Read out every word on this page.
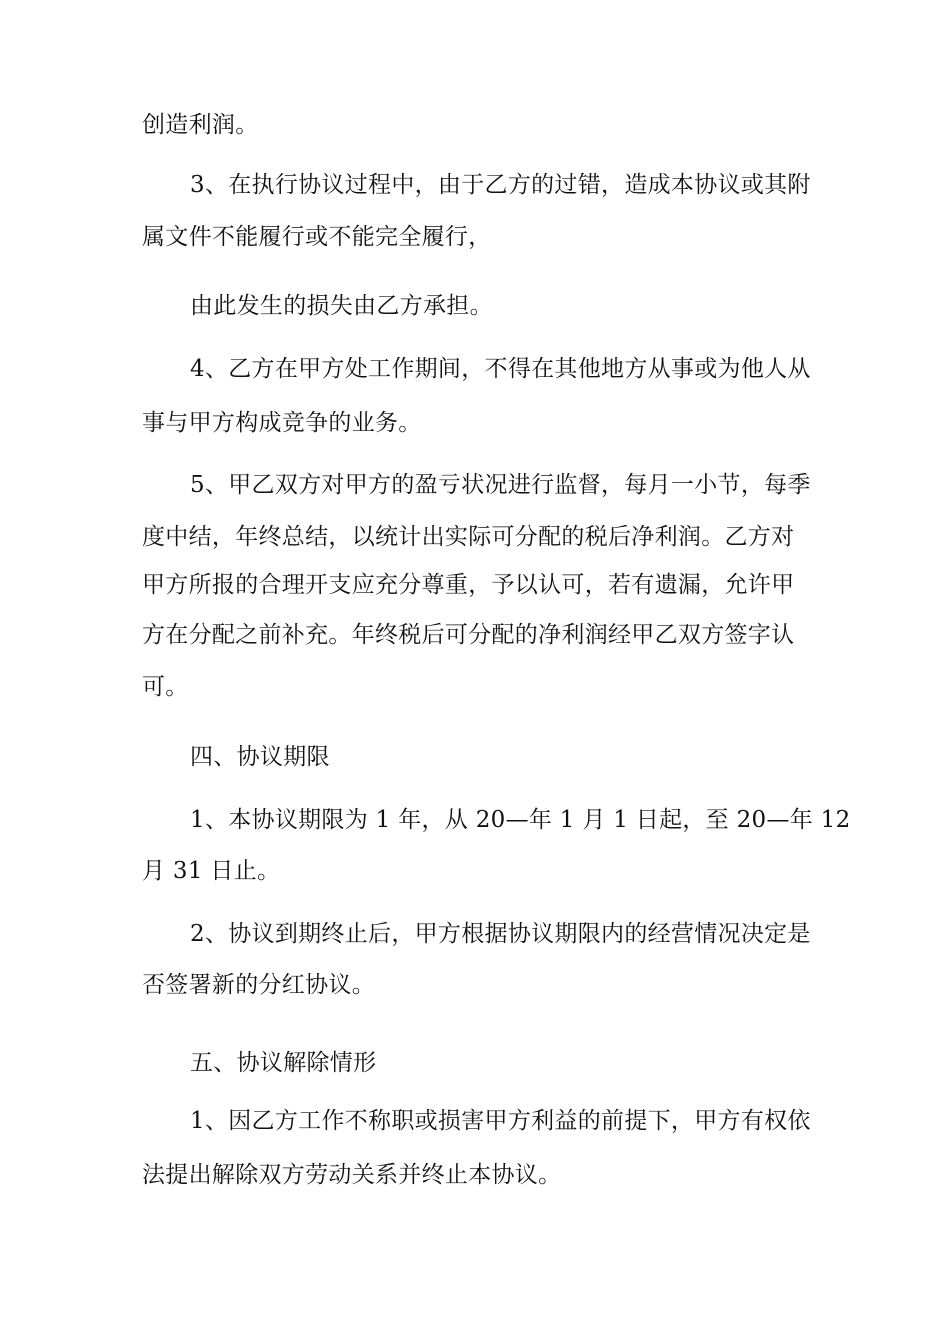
创造利润。

3、在执行协议过程中，由于乙方的过错，造成本协议或其附

属文件不能履行或不能完全履行，

由此发生的损失由乙方承担。

4、乙方在甲方处工作期间，不得在其他地方从事或为他人从

事与甲方构成竞争的业务。

5、甲乙双方对甲方的盈亏状况进行监督，每月一小节，每季

度中结，年终总结，以统计出实际可分配的税后净利润。乙方对

甲方所报的合理开支应充分尊重，予以认可，若有遗漏，允许甲

方在分配之前补充。年终税后可分配的净利润经甲乙双方签字认

可。

四、协议期限

1、本协议期限为 1 年，从 20—年 1 月 1 日起，至 20—年 12

月 31 日止。

2、协议到期终止后，甲方根据协议期限内的经营情况决定是

否签署新的分红协议。

五、协议解除情形

1、因乙方工作不称职或损害甲方利益的前提下，甲方有权依

法提出解除双方劳动关系并终止本协议。
